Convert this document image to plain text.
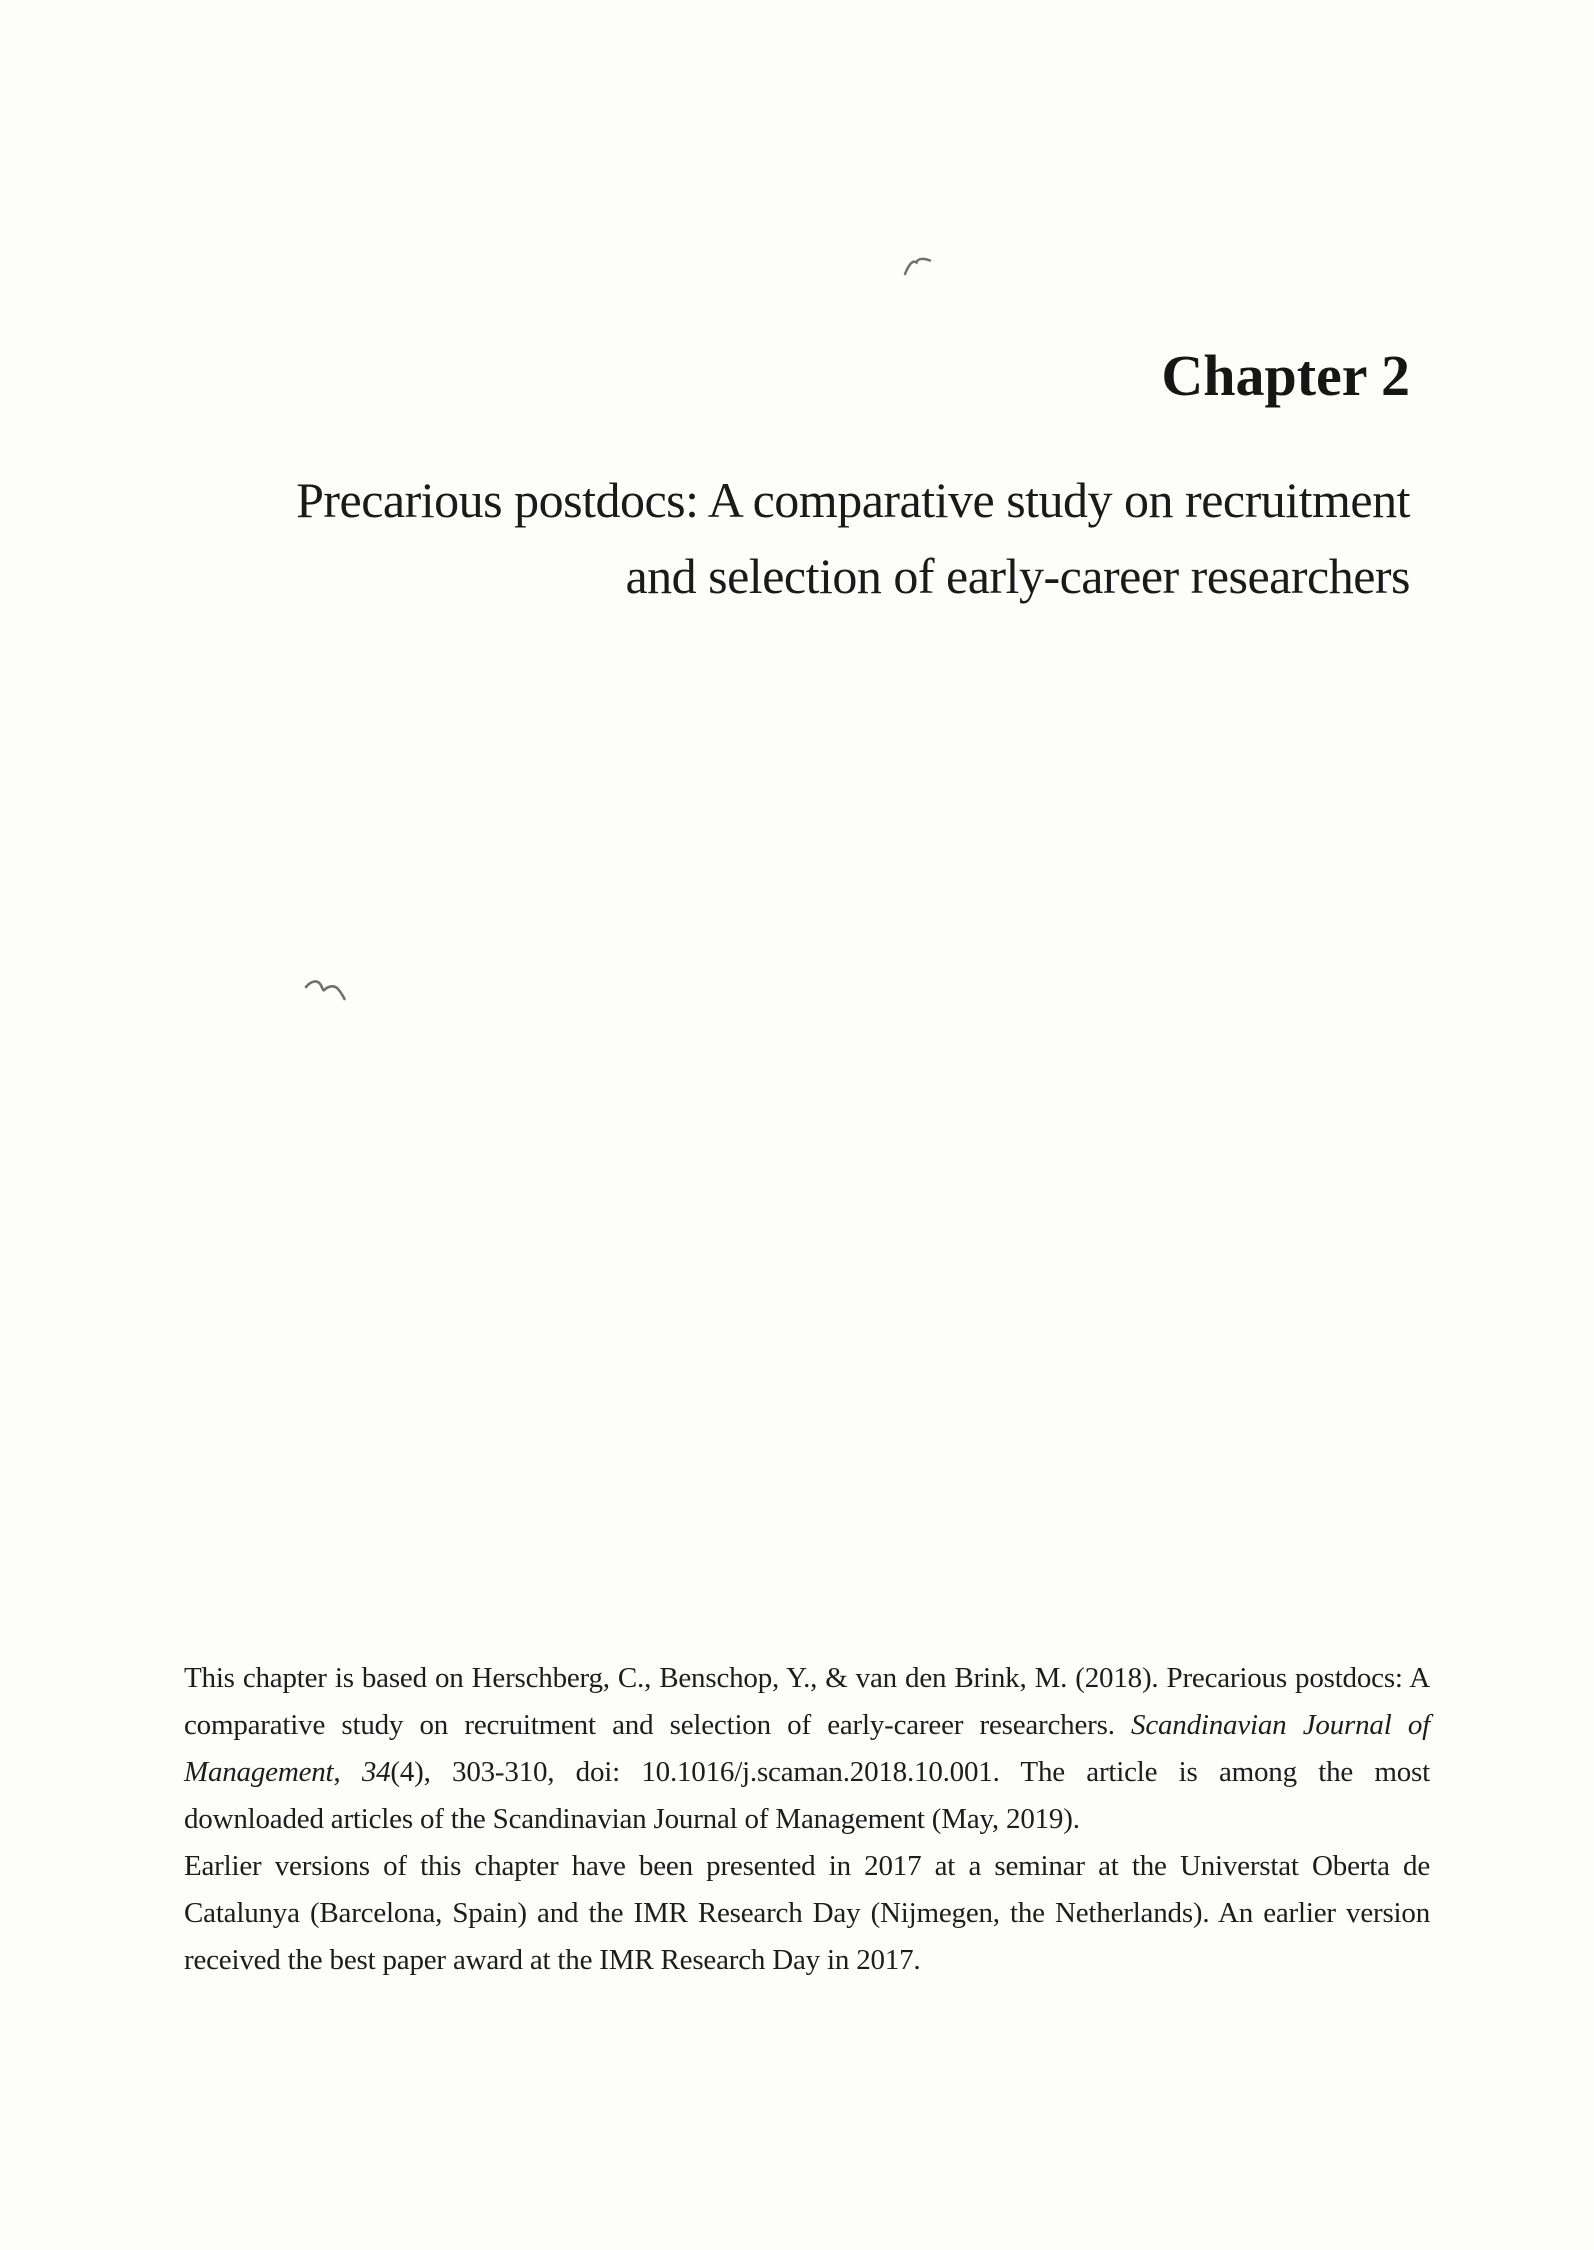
Chapter 2
Precarious postdocs: A comparative study on recruitment
and selection of early-career researchers

This chapter is based on Herschberg, C., Benschop, Y., & van den Brink, M. (2018). Precarious postdocs: A comparative study on recruitment and selection of early-career researchers. Scandinavian Journal of Management, 34(4), 303-310, doi: 10.1016/j.scaman.2018.10.001. The article is among the most downloaded articles of the Scandinavian Journal of Management (May, 2019).

Earlier versions of this chapter have been presented in 2017 at a seminar at the Universtat Oberta de Catalunya (Barcelona, Spain) and the IMR Research Day (Nijmegen, the Netherlands). An earlier version received the best paper award at the IMR Research Day in 2017.
